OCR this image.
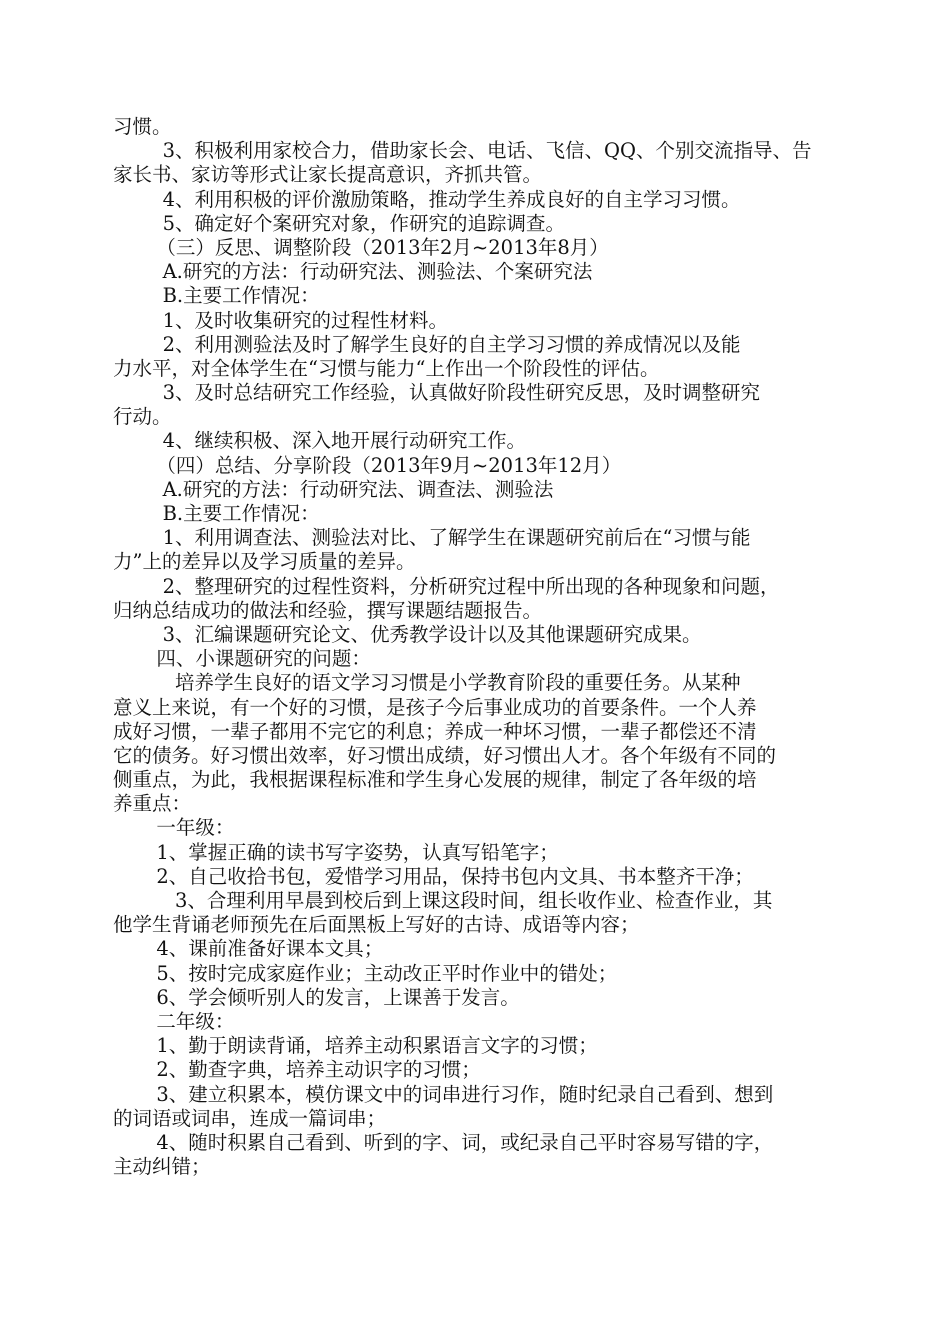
习惯。
3、积极利用家校合力，借助家长会、电话、飞信、QQ、个别交流指导、告
家长书、家访等形式让家长提高意识，齐抓共管。
4、利用积极的评价激励策略，推动学生养成良好的自主学习习惯。
5、确定好个案研究对象，作研究的追踪调查。
（三）反思、调整阶段（2013年2月~2013年8月）
A.研究的方法：行动研究法、测验法、个案研究法
B.主要工作情况：
1、及时收集研究的过程性材料。
2、利用测验法及时了解学生良好的自主学习习惯的养成情况以及能
力水平，对全体学生在“习惯与能力“上作出一个阶段性的评估。
3、及时总结研究工作经验，认真做好阶段性研究反思，及时调整研究
行动。
4、继续积极、深入地开展行动研究工作。
（四）总结、分享阶段（2013年9月~2013年12月）
A.研究的方法：行动研究法、调查法、测验法
B.主要工作情况：
1、利用调查法、测验法对比、了解学生在课题研究前后在“习惯与能
力”上的差异以及学习质量的差异。
2、整理研究的过程性资料，分析研究过程中所出现的各种现象和问题，
归纳总结成功的做法和经验，撰写课题结题报告。
3、汇编课题研究论文、优秀教学设计以及其他课题研究成果。
四、小课题研究的问题：
培养学生良好的语文学习习惯是小学教育阶段的重要任务。从某种
意义上来说，有一个好的习惯，是孩子今后事业成功的首要条件。一个人养
成好习惯，一辈子都用不完它的利息；养成一种坏习惯，一辈子都偿还不清
它的债务。好习惯出效率，好习惯出成绩，好习惯出人才。各个年级有不同的
侧重点，为此，我根据课程标准和学生身心发展的规律，制定了各年级的培
养重点：
一年级：
1、掌握正确的读书写字姿势，认真写铅笔字；
2、自己收拾书包，爱惜学习用品，保持书包内文具、书本整齐干净；
3、合理利用早晨到校后到上课这段时间，组长收作业、检查作业，其
他学生背诵老师预先在后面黑板上写好的古诗、成语等内容；
4、课前准备好课本文具；
5、按时完成家庭作业；主动改正平时作业中的错处；
6、学会倾听别人的发言，上课善于发言。
二年级：
1、勤于朗读背诵，培养主动积累语言文字的习惯；
2、勤查字典，培养主动识字的习惯；
3、建立积累本，模仿课文中的词串进行习作，随时纪录自己看到、想到
的词语或词串，连成一篇词串；
4、随时积累自己看到、听到的字、词，或纪录自己平时容易写错的字，
主动纠错；
